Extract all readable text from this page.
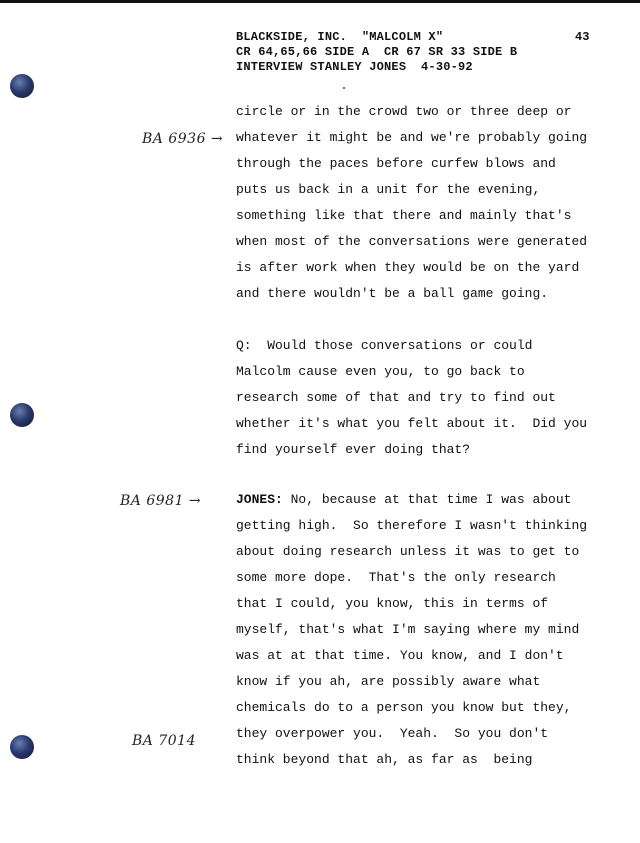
BLACKSIDE, INC.  "MALCOLM X"
CR 64,65,66 SIDE A  CR 67 SR 33 SIDE B
INTERVIEW STANLEY JONES  4-30-92
43
BA 6936 →
BA 6981 →
BA 7014
circle or in the crowd two or three deep or
whatever it might be and we're probably going
through the paces before curfew blows and
puts us back in a unit for the evening,
something like that there and mainly that's
when most of the conversations were generated
is after work when they would be on the yard
and there wouldn't be a ball game going.
Q:  Would those conversations or could
Malcolm cause even you, to go back to
research some of that and try to find out
whether it's what you felt about it.  Did you
find yourself ever doing that?
JONES: No, because at that time I was about
getting high.  So therefore I wasn't thinking
about doing research unless it was to get to
some more dope.  That's the only research
that I could, you know, this in terms of
myself, that's what I'm saying where my mind
was at at that time. You know, and I don't
know if you ah, are possibly aware what
chemicals do to a person you know but they,
they overpower you.  Yeah.  So you don't
think beyond that ah, as far as  being
